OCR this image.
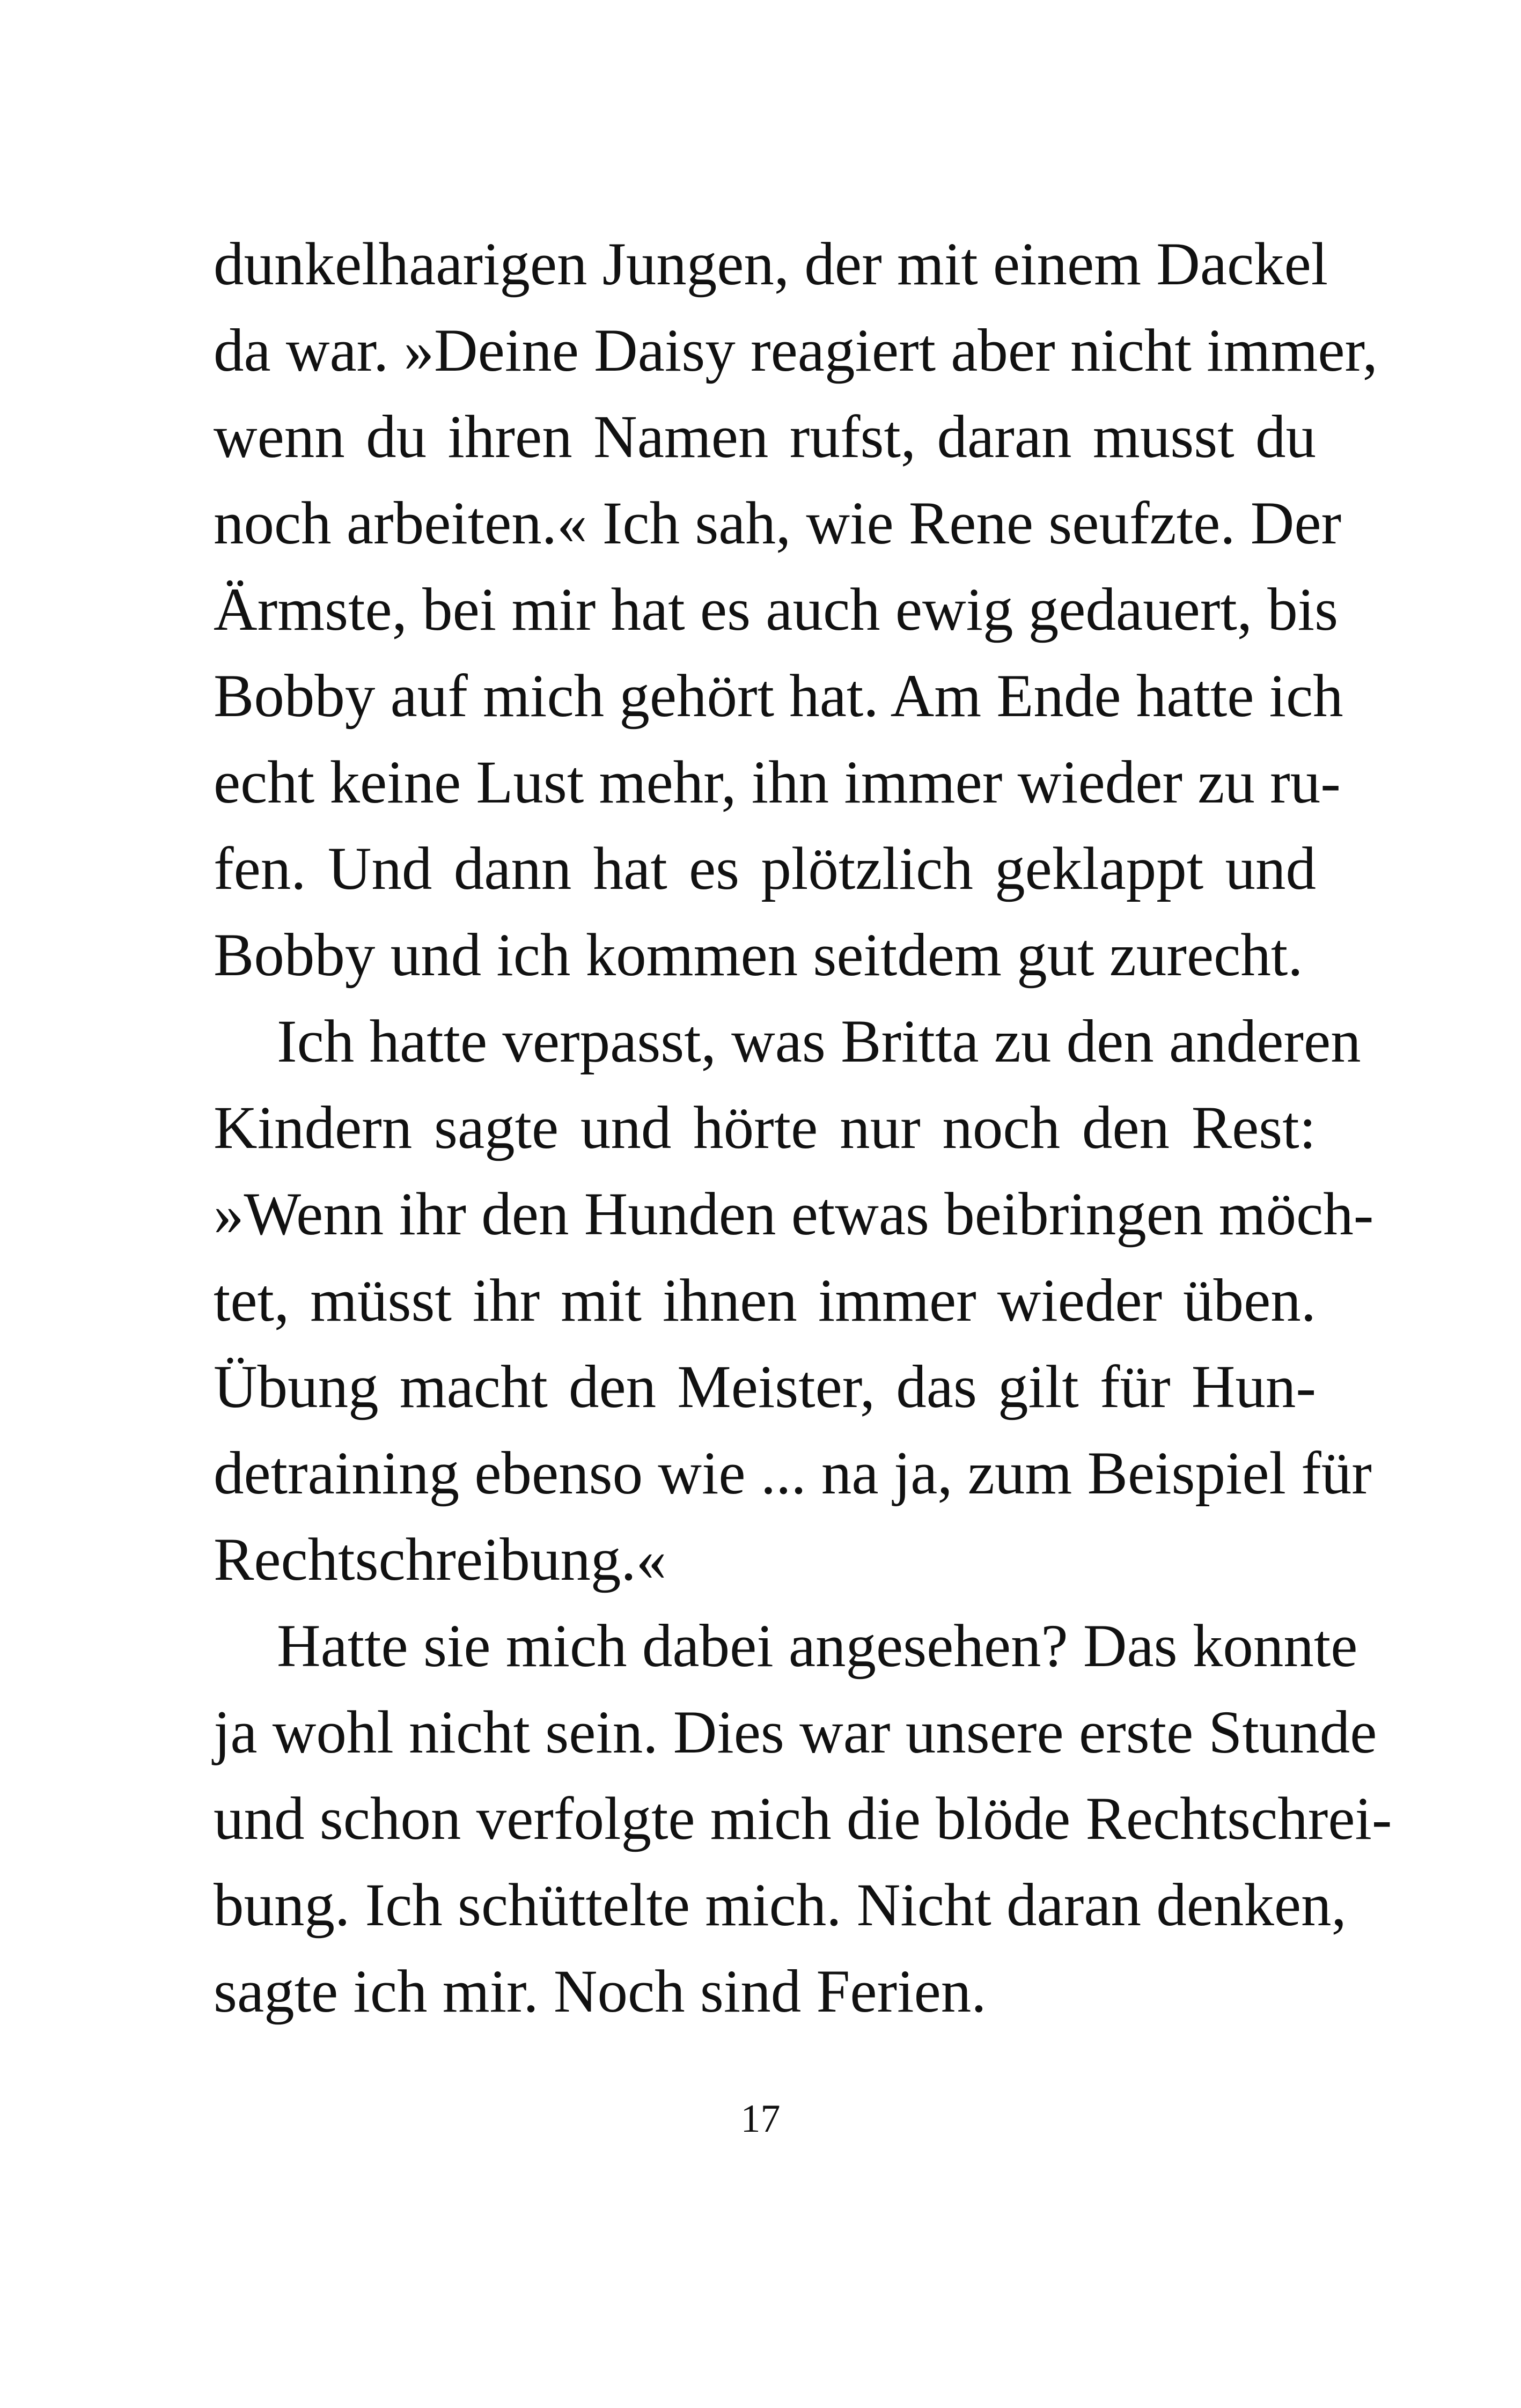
dunkelhaarigen Jungen, der mit einem Dackel
da war. »Deine Daisy reagiert aber nicht immer,
wenn du ihren Namen rufst, daran musst du
noch arbeiten.« Ich sah, wie Rene seufzte. Der
Ärmste, bei mir hat es auch ewig gedauert, bis
Bobby auf mich gehört hat. Am Ende hatte ich
echt keine Lust mehr, ihn immer wieder zu ru-
fen. Und dann hat es plötzlich geklappt und
Bobby und ich kommen seitdem gut zurecht.
Ich hatte verpasst, was Britta zu den anderen
Kindern sagte und hörte nur noch den Rest:
»Wenn ihr den Hunden etwas beibringen möch-
tet, müsst ihr mit ihnen immer wieder üben.
Übung macht den Meister, das gilt für Hun-
detraining ebenso wie ... na ja, zum Beispiel für
Rechtschreibung.«
Hatte sie mich dabei angesehen? Das konnte
ja wohl nicht sein. Dies war unsere erste Stunde
und schon verfolgte mich die blöde Rechtschrei-
bung. Ich schüttelte mich. Nicht daran denken,
sagte ich mir. Noch sind Ferien.
17
